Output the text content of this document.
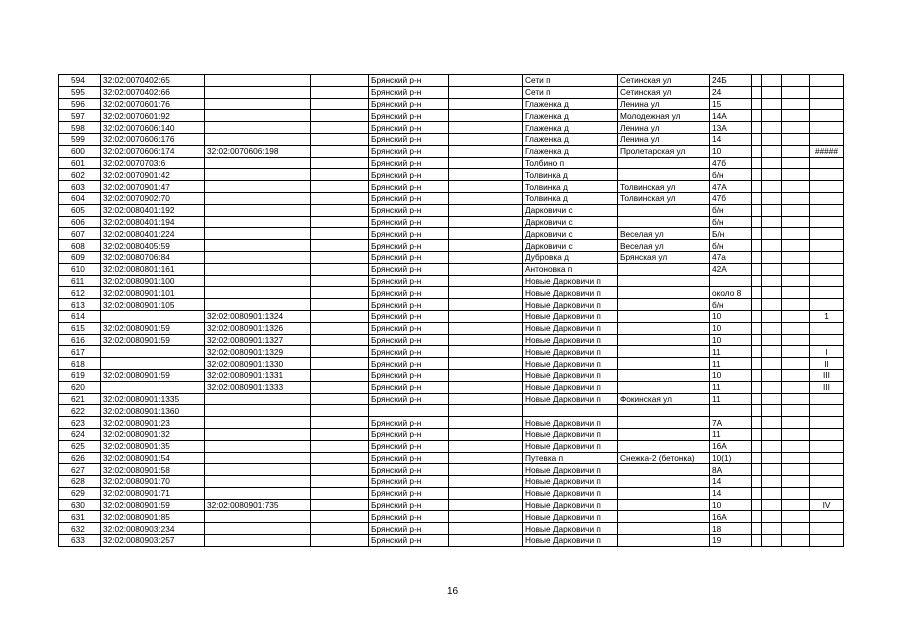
594	32:02:0070402:65			Брянский р-н		Сети п	Сетинская ул	24Б				
595	32:02:0070402:66			Брянский р-н		Сети п	Сетинская ул	24				
596	32:02:0070601:76			Брянский р-н		Глаженка д	Ленина ул	15				
597	32:02:0070601:92			Брянский р-н		Глаженка д	Молодежная ул	14А				
598	32:02:0070606:140			Брянский р-н		Глаженка д	Ленина ул	13А				
599	32:02:0070606:176			Брянский р-н		Глаженка д	Ленина ул	14				
600	32:02:0070606:174	32:02:0070606:198		Брянский р-н		Глаженка д	Пролетарская ул	10				#####
601	32:02:0070703:6			Брянский р-н		Толбино п		47б				
602	32:02:0070901:42			Брянский р-н		Толвинка д		б/н				
603	32:02:0070901:47			Брянский р-н		Толвинка д	Толвинская ул	47А				
604	32:02:0070902:70			Брянский р-н		Толвинка д	Толвинская ул	47б				
605	32:02:0080401:192			Брянский р-н		Дарковичи с		б/н				
606	32:02:0080401:194			Брянский р-н		Дарковичи с		б/н				
607	32:02:0080401:224			Брянский р-н		Дарковичи с	Веселая ул	Б/н				
608	32:02:0080405:59			Брянский р-н		Дарковичи с	Веселая ул	б/н				
609	32:02:0080706:84			Брянский р-н		Дубровка д	Брянская ул	47а				
610	32:02:0080801:161			Брянский р-н		Антоновка п		42А				
611	32:02:0080901:100			Брянский р-н		Новые Дарковичи п						
612	32:02:0080901:101			Брянский р-н		Новые Дарковичи п		около 8				
613	32:02:0080901:105			Брянский р-н		Новые Дарковичи п		б/н				
614		32:02:0080901:1324		Брянский р-н		Новые Дарковичи п		10				1
615	32:02:0080901:59	32:02:0080901:1326		Брянский р-н		Новые Дарковичи п		10				
616	32:02:0080901:59	32:02:0080901:1327		Брянский р-н		Новые Дарковичи п		10				
617		32:02:0080901:1329		Брянский р-н		Новые Дарковичи п		11				I
618		32:02:0080901:1330		Брянский р-н		Новые Дарковичи п		11				II
619	32:02:0080901:59	32:02:0080901:1331		Брянский р-н		Новые Дарковичи п		10				III
620		32:02:0080901:1333		Брянский р-н		Новые Дарковичи п		11				III
621	32:02:0080901:1335			Брянский р-н		Новые Дарковичи п	Фокинская ул	11				
622	32:02:0080901:1360											
623	32:02:0080901:23			Брянский р-н		Новые Дарковичи п		7А				
624	32:02:0080901:32			Брянский р-н		Новые Дарковичи п		11				
625	32:02:0080901:35			Брянский р-н		Новые Дарковичи п		16А				
626	32:02:0080901:54			Брянский р-н		Путевка п	Снежка-2 (бетонка)	10(1)				
627	32:02:0080901:58			Брянский р-н		Новые Дарковичи п		8А				
628	32:02:0080901:70			Брянский р-н		Новые Дарковичи п		14				
629	32:02:0080901:71			Брянский р-н		Новые Дарковичи п		14				
630	32:02:0080901:59	32:02:0080901:735		Брянский р-н		Новые Дарковичи п		10				IV
631	32:02:0080901:85			Брянский р-н		Новые Дарковичи п		16А				
632	32:02:0080903:234			Брянский р-н		Новые Дарковичи п		18				
633	32:02:0080903:257			Брянский р-н		Новые Дарковичи п		19				
16
